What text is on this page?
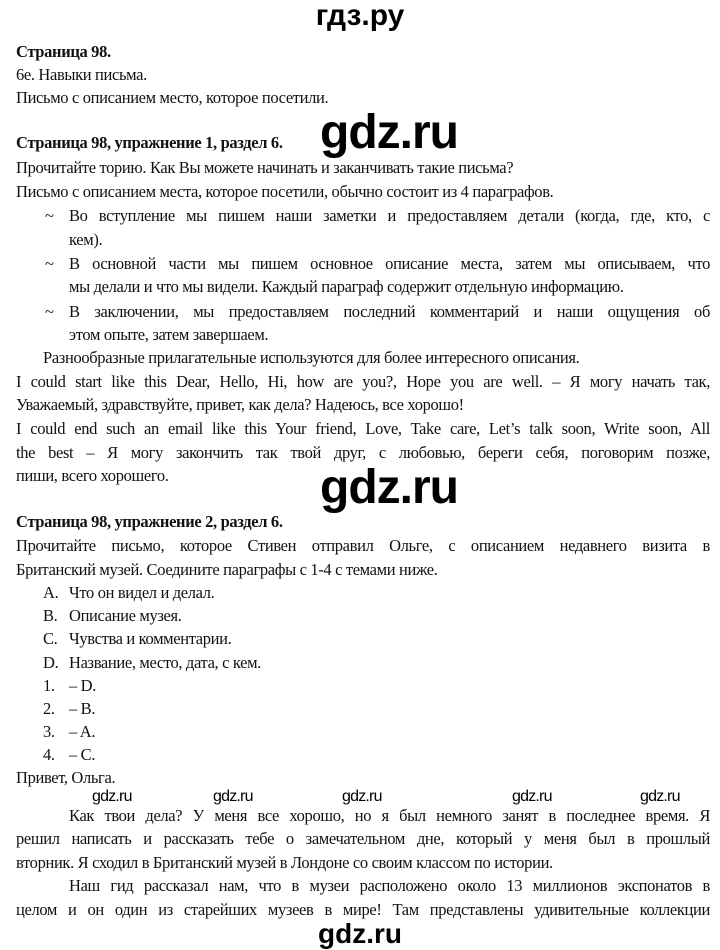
гдз.ру
Страница 98.
6е. Навыки письма.
Письмо с описанием место, которое посетили.
Страница 98, упражнение 1, раздел 6.
Прочитайте торию. Как Вы можете начинать и заканчивать такие письма?
Письмо с описанием места, которое посетили, обычно состоит из 4 параграфов.
~ Во вступление мы пишем наши заметки и предоставляем детали (когда, где, кто, с
кем).
~ В основной части мы пишем основное описание места, затем мы описываем, что
мы делали и что мы видели. Каждый параграф содержит отдельную информацию.
~ В заключении, мы предоставляем последний комментарий и наши ощущения об
этом опыте, затем завершаем.
Разнообразные прилагательные используются для более интересного описания.
I could start like this Dear, Hello, Hi, how are you?, Hope you are well. – Я могу начать так,
Уважаемый, здравствуйте, привет, как дела? Надеюсь, все хорошо!
I could end such an email like this Your friend, Love, Take care, Let’s talk soon, Write soon, All
the best – Я могу закончить так твой друг, с любовью, береги себя, поговорим позже,
пиши, всего хорошего.
Страница 98, упражнение 2, раздел 6.
Прочитайте письмо, которое Стивен отправил Ольге, с описанием недавнего визита в
Британский музей. Соедините параграфы с 1-4 с темами ниже.
A. Что он видел и делал.
B. Описание музея.
C. Чувства и комментарии.
D. Название, место, дата, с кем.
1. – D.
2. – B.
3. – A.
4. – C.
Привет, Ольга.
Как твои дела? У меня все хорошо, но я был немного занят в последнее время. Я
решил написать и рассказать тебе о замечательном дне, который у меня был в прошлый
вторник. Я сходил в Британский музей в Лондоне со своим классом по истории.
Наш гид рассказал нам, что в музеи расположено около 13 миллионов экспонатов в
целом и он один из старейших музеев в мире! Там представлены удивительные коллекции
gdz.ru
gdz.ru
gdz.ru	gdz.ru	gdz.ru	gdz.ru	gdz.ru
gdz.ru
